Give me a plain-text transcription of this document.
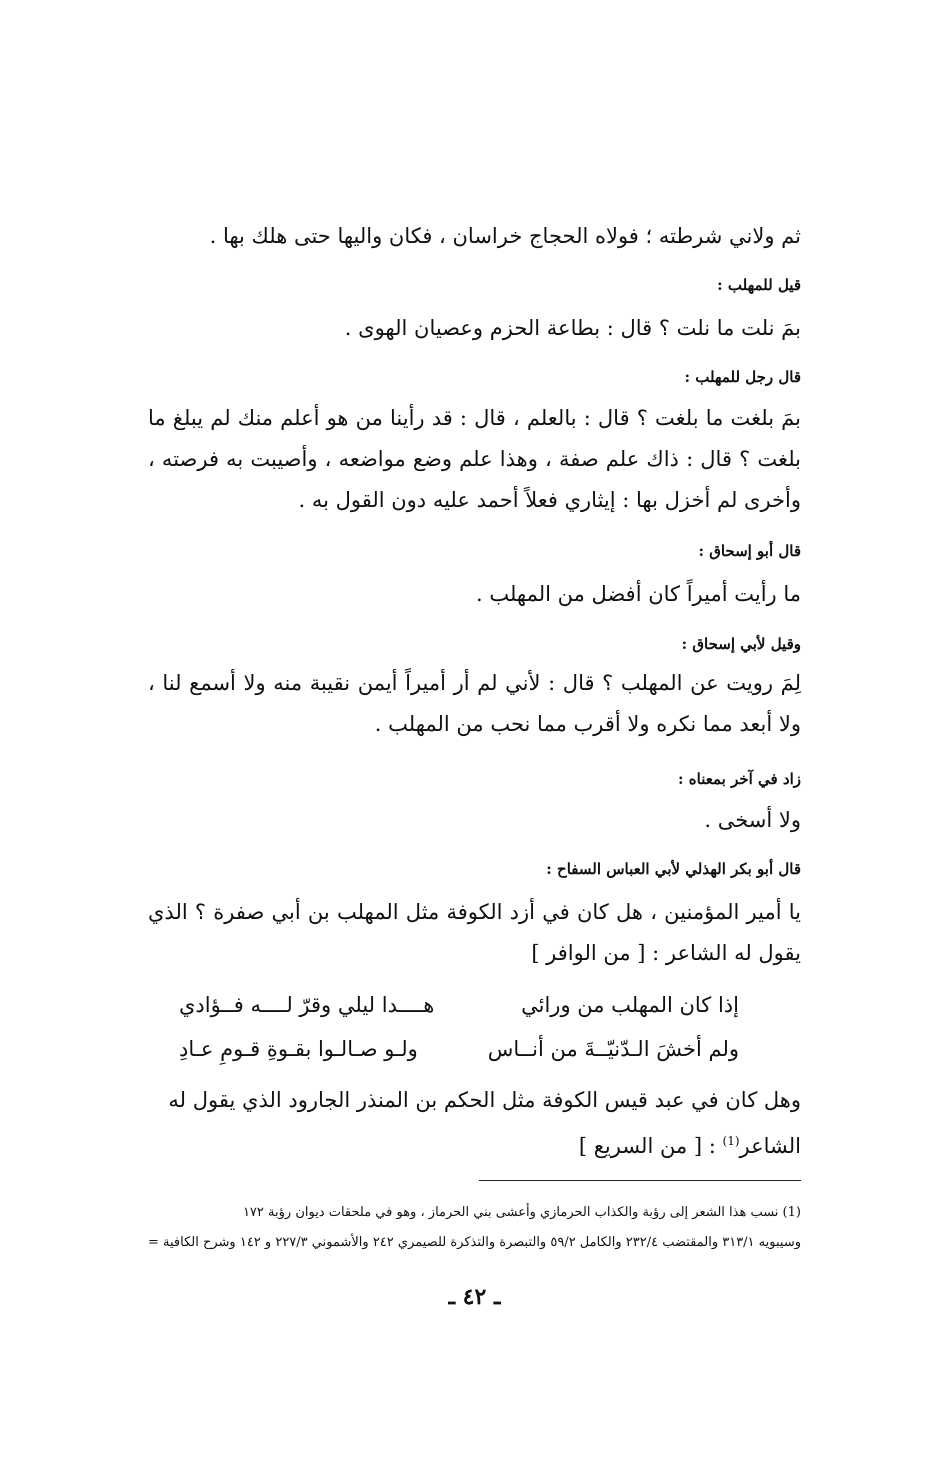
ثم ولاني شرطته ؛ فولاه الحجاج خراسان ، فكان واليها حتى هلك بها .
قيل للمهلب :
بمَ نلت ما نلت ؟ قال : بطاعة الحزم وعصيان الهوى .
قال رجل للمهلب :
بمَ بلغت ما بلغت ؟ قال : بالعلم ، قال : قد رأينا من هو أعلم منك لم يبلغ ما بلغت ؟ قال : ذاك علم صفة ، وهذا علم وضع مواضعه ، وأصيبت به فرصته ، وأخرى لم أخزل بها : إيثاري فعلاً أحمد عليه دون القول به .
قال أبو إسحاق :
ما رأيت أميراً كان أفضل من المهلب .
وقيل لأبي إسحاق :
لِمَ رويت عن المهلب ؟ قال : لأني لم أر أميراً أيمن نقيبة منه ولا أسمع لنا ، ولا أبعد مما نكره ولا أقرب مما نحب من المهلب .
زاد في آخر بمعناه :
ولا أسخى .
قال أبو بكر الهذلي لأبي العباس السفاح :
يا أمير المؤمنين ، هل كان في أزد الكوفة مثل المهلب بن أبي صفرة ؟ الذي يقول له الشاعر : [ من الوافر ]
إذا كان المهلب من ورائي
هــــدا ليلي وقرّ لــــه فــؤادي
ولم أخشَ الـدّنيّــةَ من أنــاس
ولـو صـالـوا بقـوةِ قـومِ عـادِ
وهل كان في عبد قيس الكوفة مثل الحكم بن المنذر الجارود الذي يقول له
الشاعر$^{(1)}$ : [ من السريع ]
(1) نسب هذا الشعر إلى رؤبة والكذاب الحرمازي وأعشى بني الحرماز ، وهو في ملحقات ديوان رؤبة ١٧٢
وسيبويه ٣١٣/١ والمقتضب ٢٣٢/٤ والكامل ٥٩/٢ والتبصرة والتذكرة للصيمري ٢٤٢ والأشموني ٢٢٧/٣ و ١٤٢ وشرح الكافية =
ـ ٤٢ ـ
